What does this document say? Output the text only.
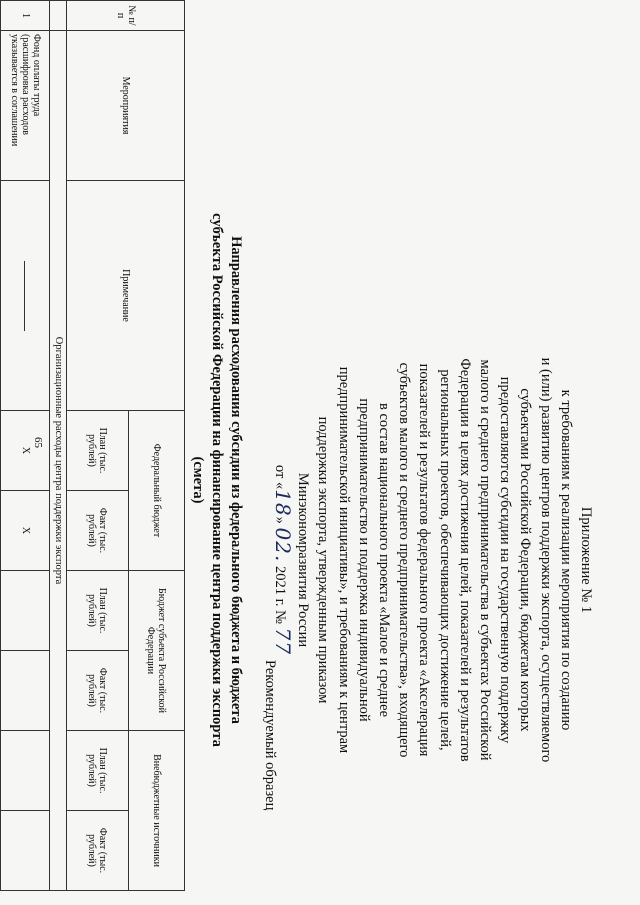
65
Приложение № 1
к требованиям к реализации мероприятия по созданию
и (или) развитию центров поддержки экспорта, осуществляемого
субъектами Российской Федерации, бюджетам которых
предоставляются субсидии на государственную поддержку
малого и среднего предпринимательства в субъектах Российской
Федерации в целях достижения целей, показателей и результатов
региональных проектов, обеспечивающих достижение целей,
показателей и результатов федерального проекта «Акселерация
субъектов малого и среднего предпринимательства», входящего
в состав национального проекта «Малое и среднее
предпринимательство и поддержка индивидуальной
предпринимательской инициативы», и требованиям к центрам
поддержки экспорта, утвержденным приказом
Минэкономразвития России
от «18» 02. 2021 г. № 77
Рекомендуемый образец
Направления расходования субсидии из федерального бюджета и бюджета
субъекта Российской Федерации на финансирование центра поддержки экспорта
(смета)
№ п/п	Мероприятия	Примечание	Федеральный бюджет		Бюджет субъекта Российской Федерации		Внебюджетные источники	
			План (тыс. рублей)	Факт (тыс. рублей)	План (тыс. рублей)	Факт (тыс. рублей)	План (тыс. рублей)	Факт (тыс. рублей)
	Организационные расходы центра поддержки экспорта							
1	Фонд оплаты труда (расшифровка расходов указывается в соглашении		X	X				
